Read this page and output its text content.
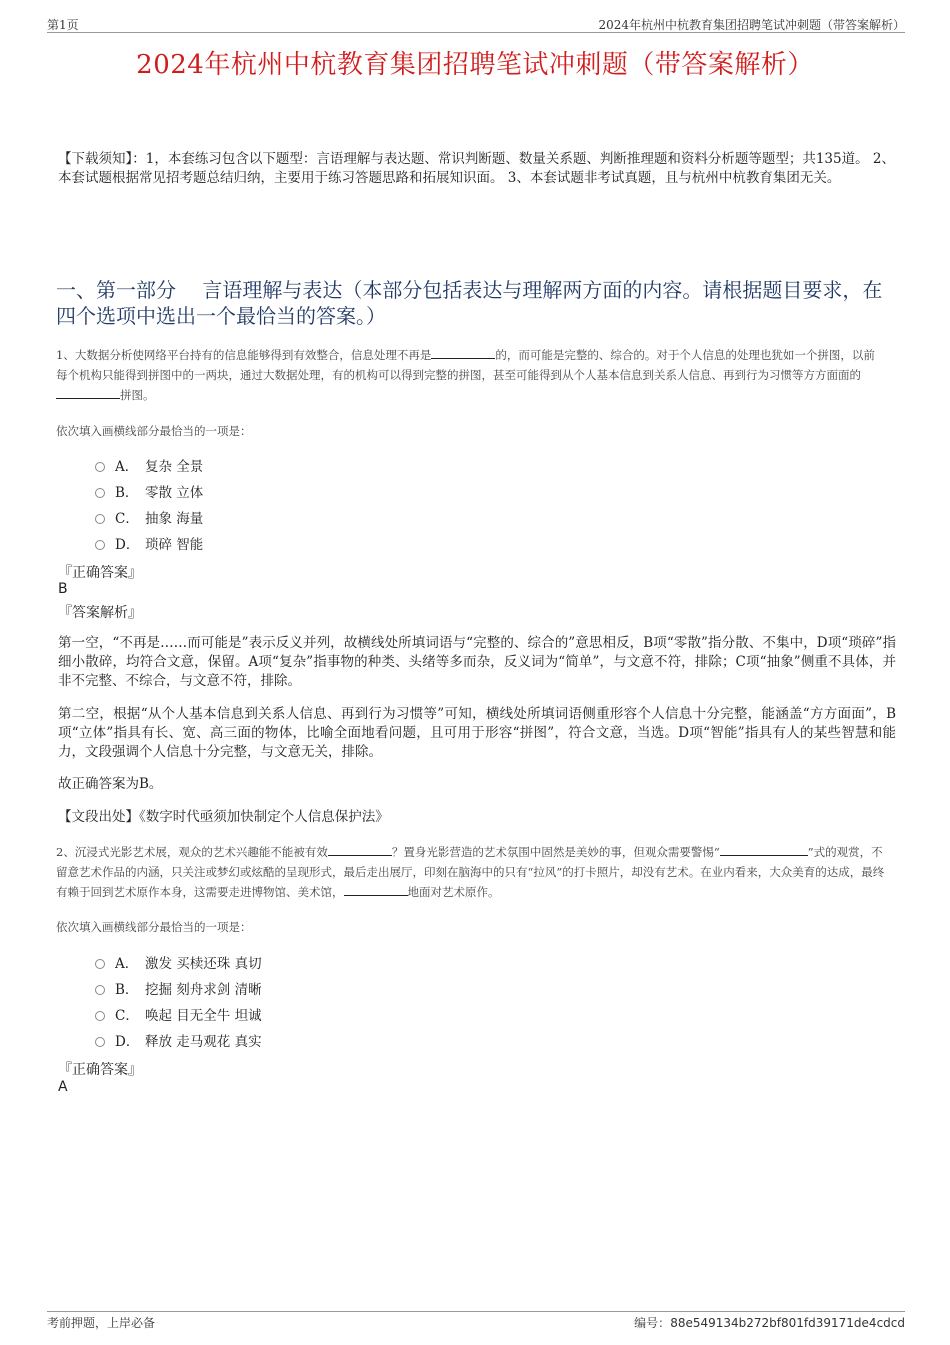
第1页	2024年杭州中杭教育集团招聘笔试冲刺题（带答案解析）
2024年杭州中杭教育集团招聘笔试冲刺题（带答案解析）
【下载须知】：1，本套练习包含以下题型：言语理解与表达题、常识判断题、数量关系题、判断推理题和资料分析题等题型；共135道。 2、本套试题根据常见招考题总结归纳，主要用于练习答题思路和拓展知识面。 3、本套试题非考试真题，且与杭州中杭教育集团无关。
一、第一部分　 言语理解与表达（本部分包括表达与理解两方面的内容。请根据题目要求，在四个选项中选出一个最恰当的答案。）
1、大数据分析使网络平台持有的信息能够得到有效整合，信息处理不再是	的，而可能是完整的、综合的。对于个人信息的处理也犹如一个拼图，以前每个机构只能得到拼图中的一两块，通过大数据处理，有的机构可以得到完整的拼图，甚至可能得到从个人基本信息到关系人信息、再到行为习惯等方方面面的拼图。
依次填入画横线部分最恰当的一项是：
A． 复杂 全景
B． 零散 立体
C． 抽象 海量
D． 琐碎 智能
『正确答案』
B
『答案解析』
第一空，“不再是……而可能是”表示反义并列，故横线处所填词语与“完整的、综合的”意思相反，B项“零散”指分散、不集中，D项“琐碎”指细小散碎，均符合文意，保留。A项“复杂”指事物的种类、头绪等多而杂，反义词为“简单”，与文意不符，排除；C项“抽象”侧重不具体，并非不完整、不综合，与文意不符，排除。
第二空，根据“从个人基本信息到关系人信息、再到行为习惯等”可知，横线处所填词语侧重形容个人信息十分完整，能涵盖“方方面面”，B项“立体”指具有长、宽、高三面的物体，比喻全面地看问题，且可用于形容“拼图”，符合文意，当选。D项“智能”指具有人的某些智慧和能力，文段强调个人信息十分完整，与文意无关，排除。
故正确答案为B。
【文段出处】《数字时代亟须加快制定个人信息保护法》
2、沉浸式光影艺术展，观众的艺术兴趣能不能被有效	？置身光影营造的艺术氛围中固然是美妙的事，但观众需要警惕“	”式的观赏，不留意艺术作品的内涵，只关注或梦幻或炫酷的呈现形式，最后走出展厅，印刻在脑海中的只有“拉风”的打卡照片，却没有艺术。在业内看来，大众美育的达成，最终有赖于回到艺术原作本身，这需要走进博物馆、美术馆，	地面对艺术原作。
依次填入画横线部分最恰当的一项是：
A． 激发 买椟还珠 真切
B． 挖掘 刻舟求剑 清晰
C． 唤起 目无全牛 坦诚
D． 释放 走马观花 真实
『正确答案』
A
考前押题，上岸必备	编号：88e549134b272bf801fd39171de4cdcd
